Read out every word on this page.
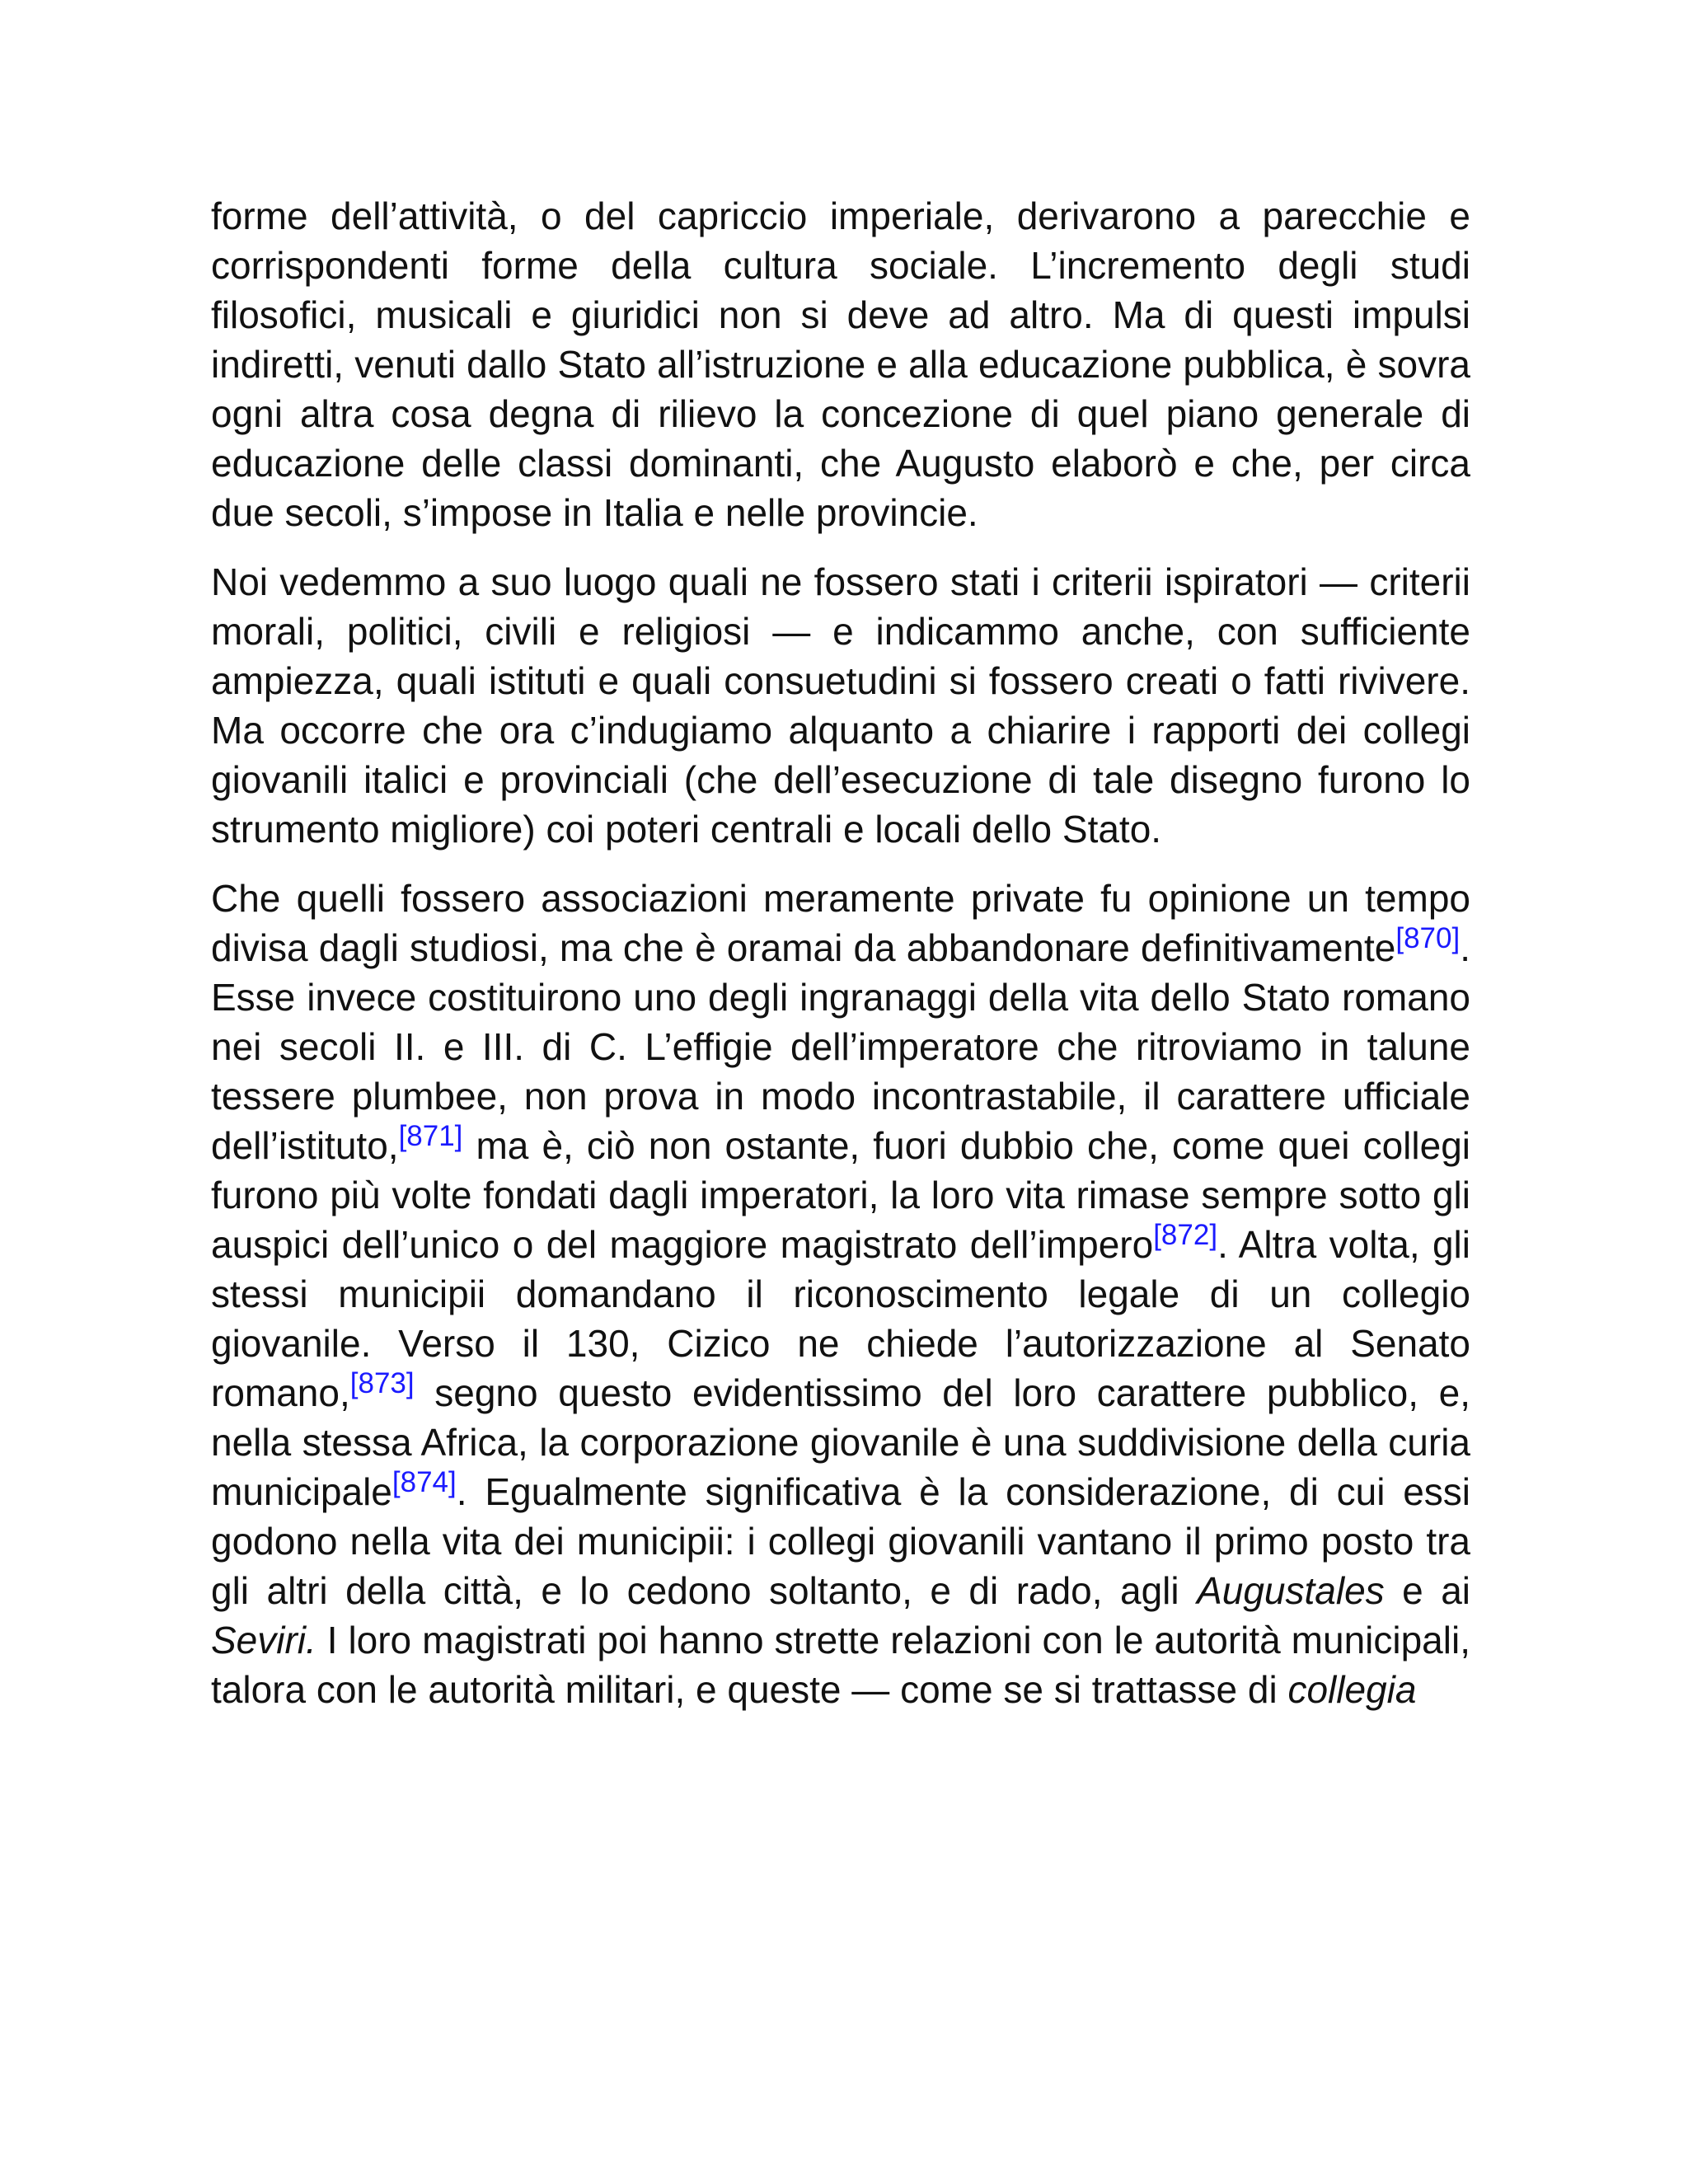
forme dell’attività, o del capriccio imperiale, derivarono a parecchie e corrispondenti forme della cultura sociale. L’incremento degli studi filosofici, musicali e giuridici non si deve ad altro. Ma di questi impulsi indiretti, venuti dallo Stato all’istruzione e alla educazione pubblica, è sovra ogni altra cosa degna di rilievo la concezione di quel piano generale di educazione delle classi dominanti, che Augusto elaborò e che, per circa due secoli, s’impose in Italia e nelle provincie.

Noi vedemmo a suo luogo quali ne fossero stati i criterii ispiratori — criterii morali, politici, civili e religiosi — e indicammo anche, con sufficiente ampiezza, quali istituti e quali consuetudini si fossero creati o fatti rivivere. Ma occorre che ora c’indugiamo alquanto a chiarire i rapporti dei collegi giovanili italici e provinciali (che dell’esecuzione di tale disegno furono lo strumento migliore) coi poteri centrali e locali dello Stato.

Che quelli fossero associazioni meramente private fu opinione un tempo divisa dagli studiosi, ma che è oramai da abbandonare definitivamente[870]. Esse invece costituirono uno degli ingranaggi della vita dello Stato romano nei secoli II. e III. di C. L’effigie dell’imperatore che ritroviamo in talune tessere plumbee, non prova in modo incontrastabile, il carattere ufficiale dell’istituto,[871] ma è, ciò non ostante, fuori dubbio che, come quei collegi furono più volte fondati dagli imperatori, la loro vita rimase sempre sotto gli auspici dell’unico o del maggiore magistrato dell’impero[872]. Altra volta, gli stessi municipii domandano il riconoscimento legale di un collegio giovanile. Verso il 130, Cizico ne chiede l’autorizzazione al Senato romano,[873] segno questo evidentissimo del loro carattere pubblico, e, nella stessa Africa, la corporazione giovanile è una suddivisione della curia municipale[874]. Egualmente significativa è la considerazione, di cui essi godono nella vita dei municipii: i collegi giovanili vantano il primo posto tra gli altri della città, e lo cedono soltanto, e di rado, agli Augustales e ai Seviri. I loro magistrati poi hanno strette relazioni con le autorità municipali, talora con le autorità militari, e queste — come se si trattasse di collegia
